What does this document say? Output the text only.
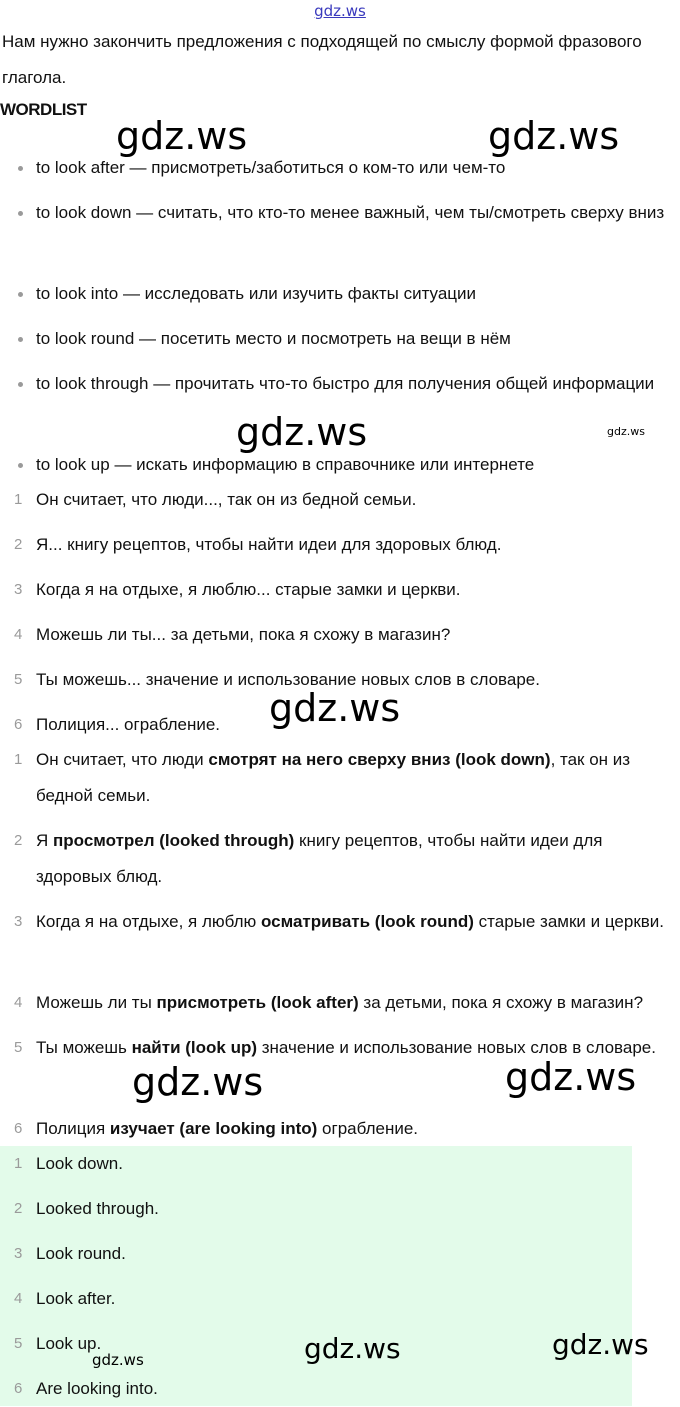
gdz.ws
Нам нужно закончить предложения с подходящей по смыслу формой фразового глагола.
WORDLIST
to look after — присмотреть/заботиться о ком-то или чем-то
to look down — считать, что кто-то менее важный, чем ты/смотреть сверху вниз
to look into — исследовать или изучить факты ситуации
to look round — посетить место и посмотреть на вещи в нём
to look through — прочитать что-то быстро для получения общей информации
to look up — искать информацию в справочнике или интернете
1 Он считает, что люди..., так он из бедной семьи.
2 Я... книгу рецептов, чтобы найти идеи для здоровых блюд.
3 Когда я на отдыхе, я люблю... старые замки и церкви.
4 Можешь ли ты... за детьми, пока я схожу в магазин?
5 Ты можешь... значение и использование новых слов в словаре.
6 Полиция... ограбление.
1 Он считает, что люди смотрят на него сверху вниз (look down), так он из бедной семьи.
2 Я просмотрел (looked through) книгу рецептов, чтобы найти идеи для здоровых блюд.
3 Когда я на отдыхе, я люблю осматривать (look round) старые замки и церкви.
4 Можешь ли ты присмотреть (look after) за детьми, пока я схожу в магазин?
5 Ты можешь найти (look up) значение и использование новых слов в словаре.
6 Полиция изучает (are looking into) ограбление.
1 Look down.
2 Looked through.
3 Look round.
4 Look after.
5 Look up.
6 Are looking into.
gdz.ws	gdz.ws
gdz.ws	gdz.ws
gdz.ws
gdz.ws	gdz.ws
gdz.ws	gdz.ws
gdz.ws
